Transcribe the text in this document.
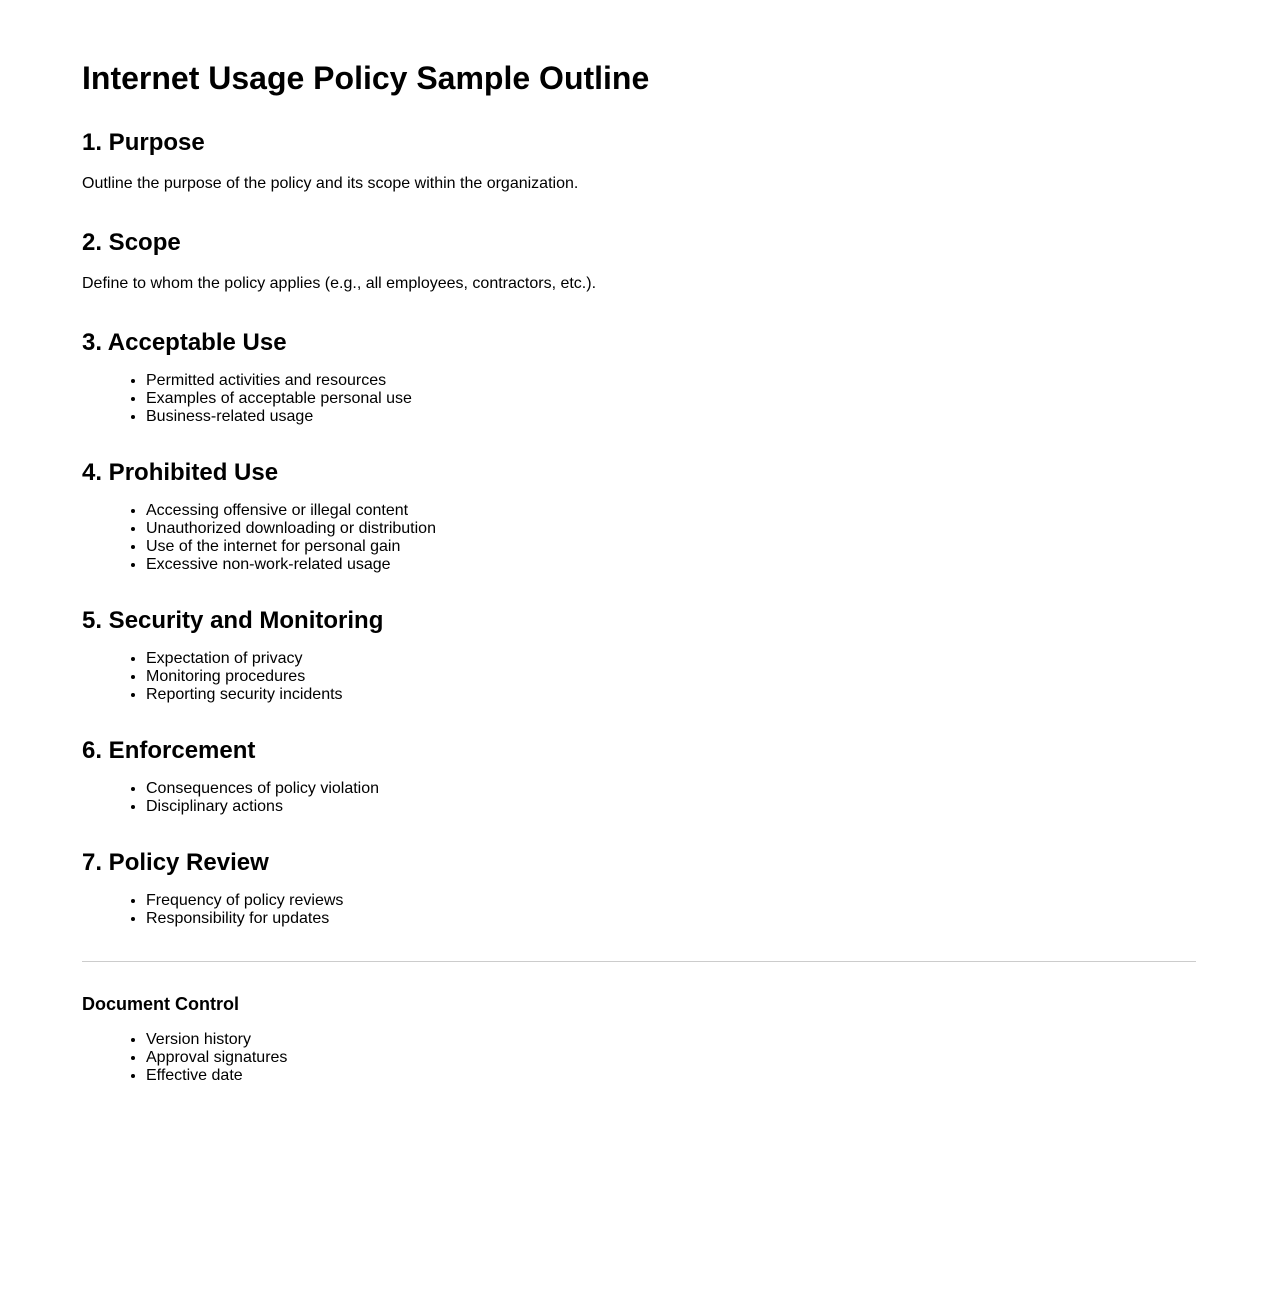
Internet Usage Policy Sample Outline
1. Purpose

Outline the purpose of the policy and its scope within the organization.

2. Scope

Define to whom the policy applies (e.g., all employees, contractors, etc.).

3. Acceptable Use
• Permitted activities and resources
• Examples of acceptable personal use
• Business-related usage
4. Prohibited Use
• Accessing offensive or illegal content
• Unauthorized downloading or distribution
• Use of the internet for personal gain
• Excessive non-work-related usage
5. Security and Monitoring
• Expectation of privacy
• Monitoring procedures
• Reporting security incidents
6. Enforcement
• Consequences of policy violation
• Disciplinary actions
7. Policy Review
• Frequency of policy reviews
• Responsibility for updates
Document Control
• Version history
• Approval signatures
• Effective date
